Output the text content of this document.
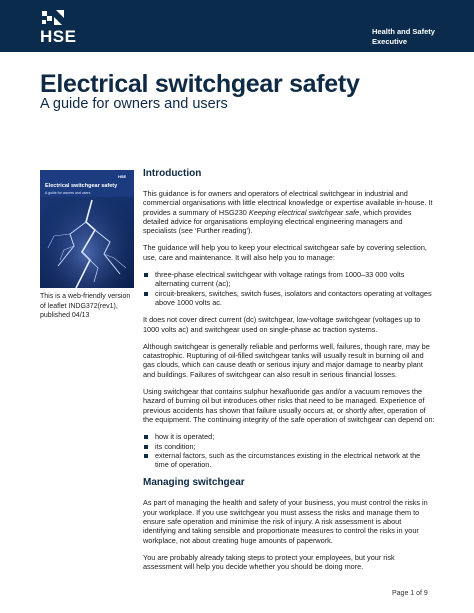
HSE	Health and Safety
Executive
Electrical switchgear safety

A guide for owners and users

HSE
Electrical switchgear safety
A guide for owners and users

This is a web-friendly version of leaflet INDG372(rev1), published 04/13

Introduction

This guidance is for owners and operators of electrical switchgear in industrial and commercial organisations with little electrical knowledge or expertise available in-house. It provides a summary of HSG230 Keeping electrical switchgear safe, which provides detailed advice for organisations employing electrical engineering managers and specialists (see ‘Further reading’).

The guidance will help you to keep your electrical switchgear safe by covering selection, use, care and maintenance. It will also help you to manage:

three-phase electrical switchgear with voltage ratings from 1000–33 000 volts alternating current (ac);
circuit-breakers, switches, switch fuses, isolators and contactors operating at voltages above 1000 volts ac.

It does not cover direct current (dc) switchgear, low-voltage switchgear (voltages up to 1000 volts ac) and switchgear used on single-phase ac traction systems.

Although switchgear is generally reliable and performs well, failures, though rare, may be catastrophic. Rupturing of oil-filled switchgear tanks will usually result in burning oil and gas clouds, which can cause death or serious injury and major damage to nearby plant and buildings. Failures of switchgear can also result in serious financial losses.

Using switchgear that contains sulphur hexafluoride gas and/or a vacuum removes the hazard of burning oil but introduces other risks that need to be managed. Experience of previous accidents has shown that failure usually occurs at, or shortly after, operation of the equipment. The continuing integrity of the safe operation of switchgear can depend on:

how it is operated;
its condition;
external factors, such as the circumstances existing in the electrical network at the time of operation.
Managing switchgear

As part of managing the health and safety of your business, you must control the risks in your workplace. If you use switchgear you must assess the risks and manage them to ensure safe operation and minimise the risk of injury. A risk assessment is about identifying and taking sensible and proportionate measures to control the risks in your workplace, not about creating huge amounts of paperwork.

You are probably already taking steps to protect your employees, but your risk assessment will help you decide whether you should be doing more.

Page 1 of 9
